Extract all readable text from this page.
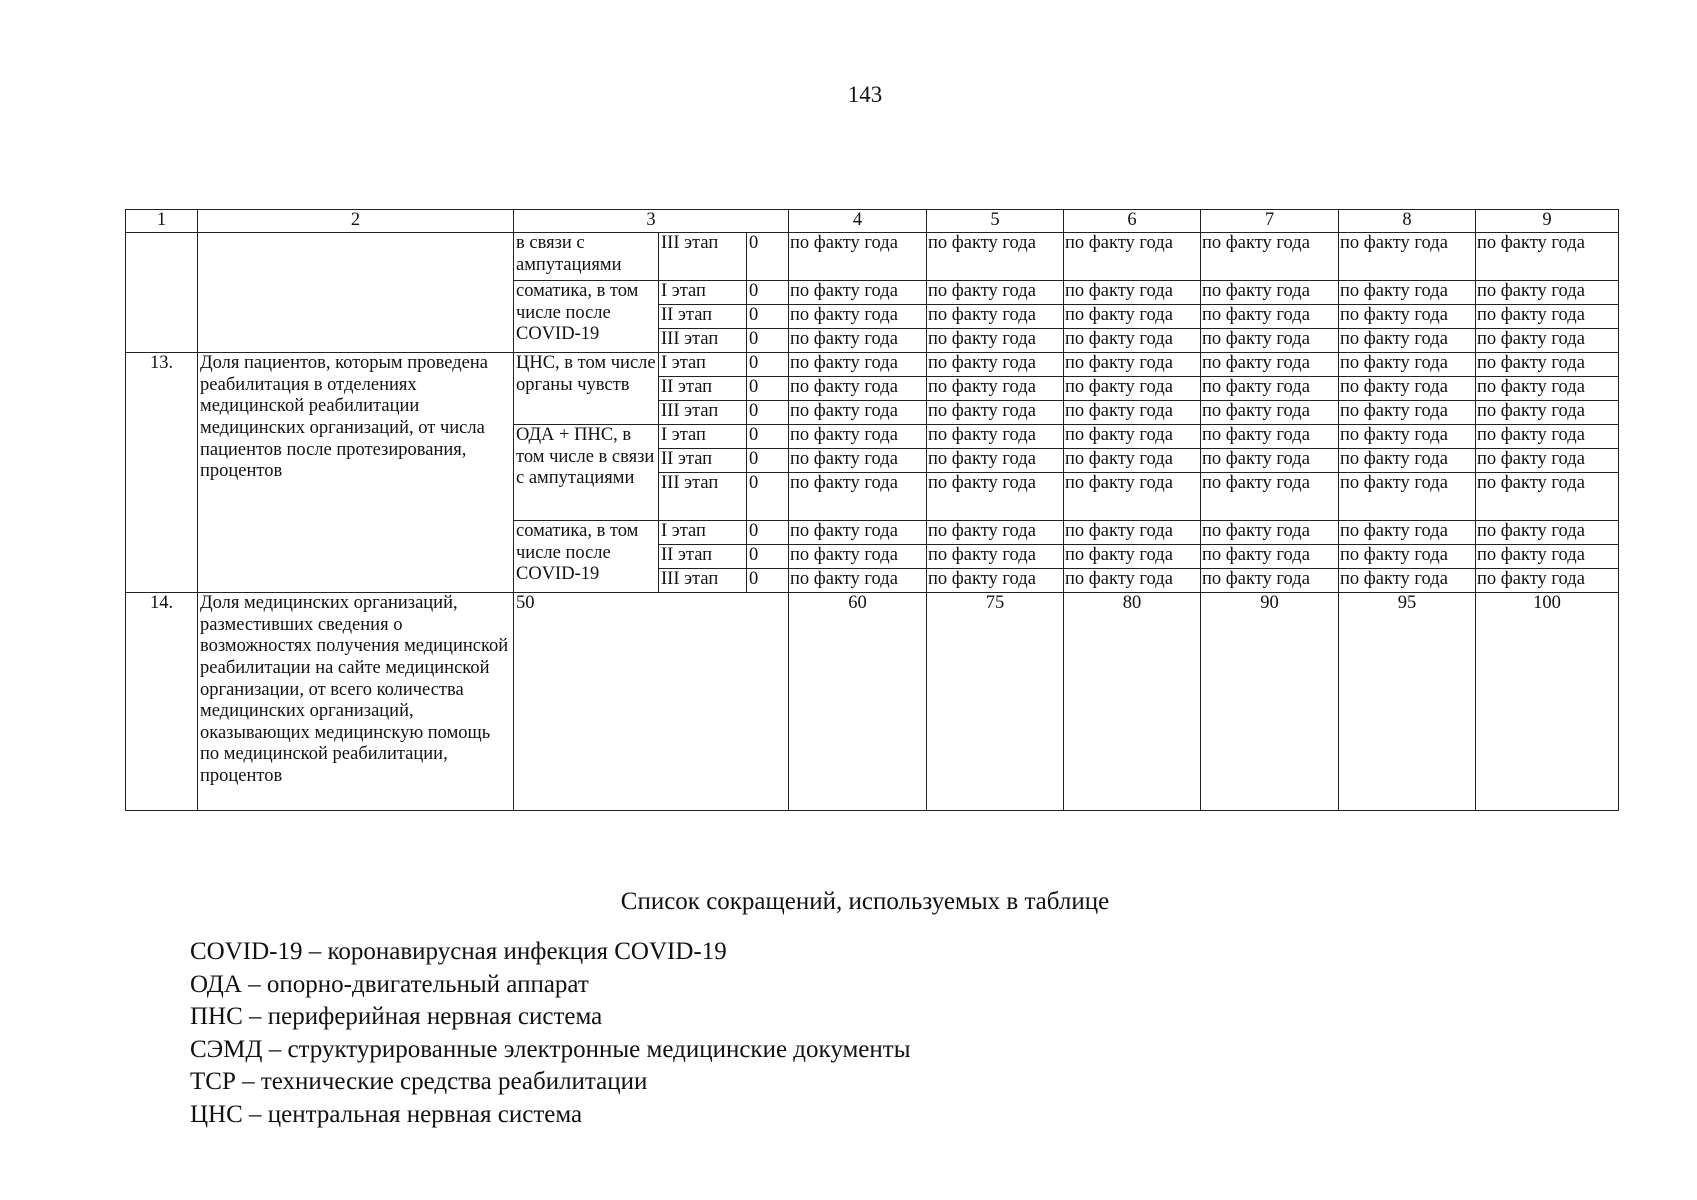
143
1	2	3			4	5	6	7	8	9
		в связи с ампутациями	III этап	0	по факту года	по факту года	по факту года	по факту года	по факту года	по факту года
		соматика, в том числе после COVID-19	I этап	0	по факту года	по факту года	по факту года	по факту года	по факту года	по факту года
			II этап	0	по факту года	по факту года	по факту года	по факту года	по факту года	по факту года
			III этап	0	по факту года	по факту года	по факту года	по факту года	по факту года	по факту года
13.	Доля пациентов, которым проведена реабилитация в отделениях медицинской реабилитации медицинских организаций, от числа пациентов после протезирования, процентов	ЦНС, в том числе органы чувств	I этап	0	по факту года	по факту года	по факту года	по факту года	по факту года	по факту года
			II этап	0	по факту года	по факту года	по факту года	по факту года	по факту года	по факту года
			III этап	0	по факту года	по факту года	по факту года	по факту года	по факту года	по факту года
		ОДА + ПНС, в том числе в связи с ампутациями	I этап	0	по факту года	по факту года	по факту года	по факту года	по факту года	по факту года
			II этап	0	по факту года	по факту года	по факту года	по факту года	по факту года	по факту года
			III этап	0	по факту года	по факту года	по факту года	по факту года	по факту года	по факту года
		соматика, в том числе после COVID-19	I этап	0	по факту года	по факту года	по факту года	по факту года	по факту года	по факту года
			II этап	0	по факту года	по факту года	по факту года	по факту года	по факту года	по факту года
			III этап	0	по факту года	по факту года	по факту года	по факту года	по факту года	по факту года
14.	Доля медицинских организаций, разместивших сведения о возможностях получения медицинской реабилитации на сайте медицинской организации, от всего количества медицинских организаций, оказывающих медицинскую помощь по медицинской реабилитации, процентов	50			60	75	80	90	95	100
Список сокращений, используемых в таблице
COVID-19 – коронавирусная инфекция COVID-19
ОДА – опорно-двигательный аппарат
ПНС – периферийная нервная система
СЭМД – структурированные электронные медицинские документы
ТСР – технические средства реабилитации
ЦНС – центральная нервная система
